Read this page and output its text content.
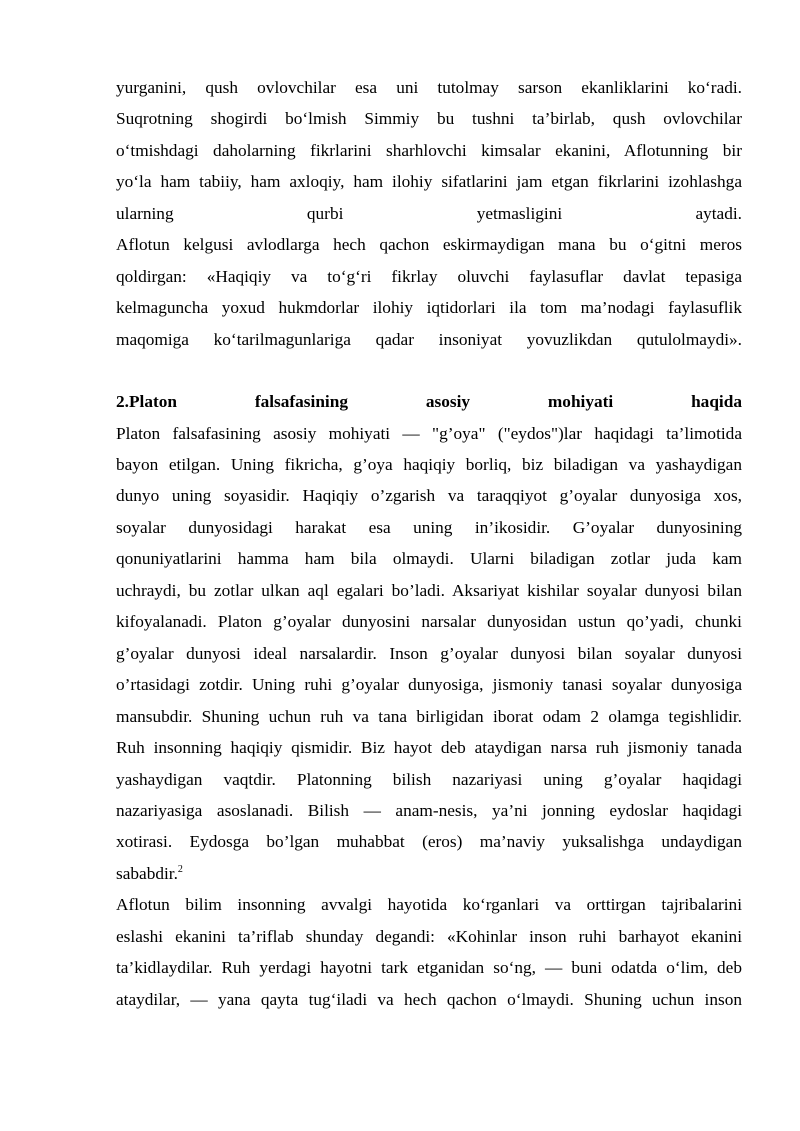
yurganini, qush ovlovchilar esa uni tutolmay sarson ekanliklarini ko‘radi.
Suqrotning shogirdi bo‘lmish Simmiy bu tushni ta’birlab, qush ovlovchilar
o‘tmishdagi daholarning fikrlarini sharhlovchi kimsalar ekanini, Aflotunning bir
yo‘la ham tabiiy, ham axloqiy, ham ilohiy sifatlarini jam etgan fikrlarini izohlashga
ularning qurbi yetmasligini aytadi.
Aflotun kelgusi avlodlarga hech qachon eskirmaydigan mana bu o‘gitni meros
qoldirgan: «Haqiqiy va to‘g‘ri fikrlay oluvchi faylasuflar davlat tepasiga
kelmaguncha yoxud hukmdorlar ilohiy iqtidorlari ila tom ma’nodagi faylasuflik
maqomiga ko‘tarilmagunlariga qadar insoniyat yovuzlikdan qutulolmaydi».

2.Platon falsafasining asosiy mohiyati haqida

Platon falsafasining asosiy mohiyati — "g’oya" ("eydos")lar haqidagi ta’limotida
bayon etilgan. Uning fikricha, g’oya haqiqiy borliq, biz biladigan va yashaydigan
dunyo uning soyasidir. Haqiqiy o’zgarish va taraqqiyot g’oyalar dunyosiga xos,
soyalar dunyosidagi harakat esa uning in’ikosidir. G’oyalar dunyosining
qonuniyatlarini hamma ham bila olmaydi. Ularni biladigan zotlar juda kam
uchraydi, bu zotlar ulkan aql egalari bo’ladi. Aksariyat kishilar soyalar dunyosi bilan
kifoyalanadi. Platon g’oyalar dunyosini narsalar dunyosidan ustun qo’yadi, chunki
g’oyalar dunyosi ideal narsalardir. Inson g’oyalar dunyosi bilan soyalar dunyosi
o’rtasidagi zotdir. Uning ruhi g’oyalar dunyosiga, jismoniy tanasi soyalar dunyosiga
mansubdir. Shuning uchun ruh va tana birligidan iborat odam 2 olamga tegishlidir.
Ruh insonning haqiqiy qismidir. Biz hayot deb ataydigan narsa ruh jismoniy tanada
yashaydigan vaqtdir. Platonning bilish nazariyasi uning g’oyalar haqidagi
nazariyasiga asoslanadi. Bilish — anam-nesis, ya’ni jonning eydoslar haqidagi
xotirasi. Eydosga bo’lgan muhabbat (eros) ma’naviy yuksalishga undaydigan
sababdir.$^2$
Aflotun bilim insonning avvalgi hayotida ko‘rganlari va orttirgan tajribalarini
eslashi ekanini ta’riflab shunday degandi: «Kohinlar inson ruhi barhayot ekanini
ta’kidlaydilar. Ruh yerdagi hayotni tark etganidan so‘ng, — buni odatda o‘lim, deb
ataydilar, — yana qayta tug‘iladi va hech qachon o‘lmaydi. Shuning uchun inson
